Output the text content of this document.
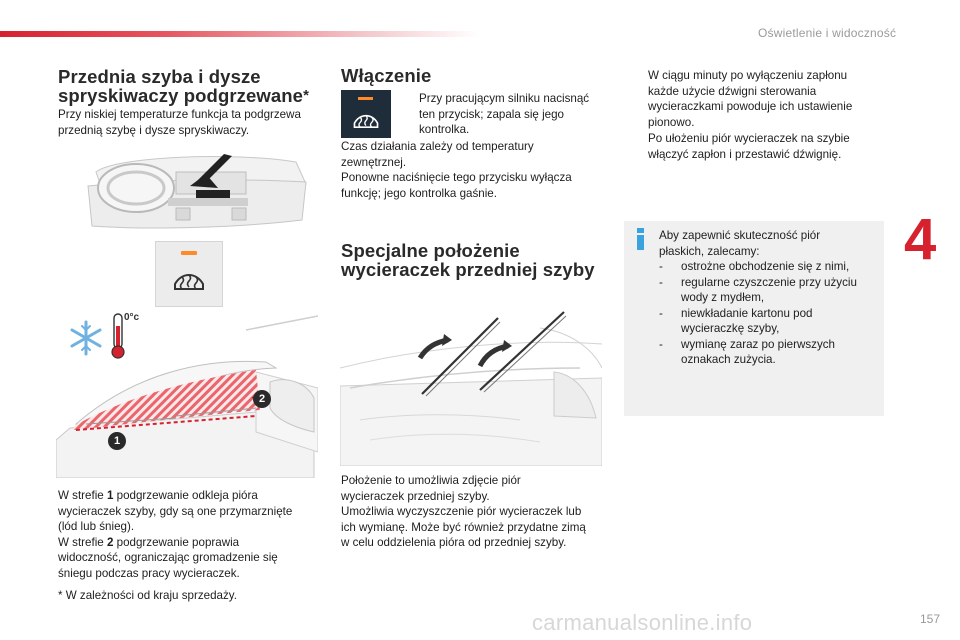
Oświetlenie i widoczność
4
Przednia szyba i dysze
spryskiwaczy podgrzewane*

Przy niskiej temperaturze funkcja ta podgrzewa

przednią szybę i dysze spryskiwaczy.

0°c
1
2

W strefie 1 podgrzewanie odkleja pióra

wycieraczek szyby, gdy są one przymarznięte

(lód lub śnieg).

W strefie 2 podgrzewanie poprawia

widoczność, ograniczając gromadzenie się

śniegu podczas pracy wycieraczek.

* W zależności od kraju sprzedaży.
Włączenie

Przy pracującym silniku nacisnąć

ten przycisk; zapala się jego

kontrolka.

Czas działania zależy od temperatury

zewnętrznej.

Ponowne naciśnięcie tego przycisku wyłącza

funkcję; jego kontrolka gaśnie.

Specjalne położenie
wycieraczek przedniej szyby

Położenie to umożliwia zdjęcie piór

wycieraczek przedniej szyby.

Umożliwia wyczyszczenie piór wycieraczek lub

ich wymianę. Może być również przydatne zimą

w celu oddzielenia pióra od przedniej szyby.

W ciągu minuty po wyłączeniu zapłonu

każde użycie dźwigni sterowania

wycieraczkami powoduje ich ustawienie

pionowo.

Po ułożeniu piór wycieraczek na szybie

włączyć zapłon i przestawić dźwignię.

Aby zapewnić skuteczność piór

płaskich, zalecamy:

-	ostrożne obchodzenie się z nimi,
-	regularne czyszczenie przy użyciu
wody z mydłem,
-	niewkładanie kartonu pod
wycieraczkę szyby,
-	wymianę zaraz po pierwszych
oznakach zużycia.
carmanualsonline.info	157
